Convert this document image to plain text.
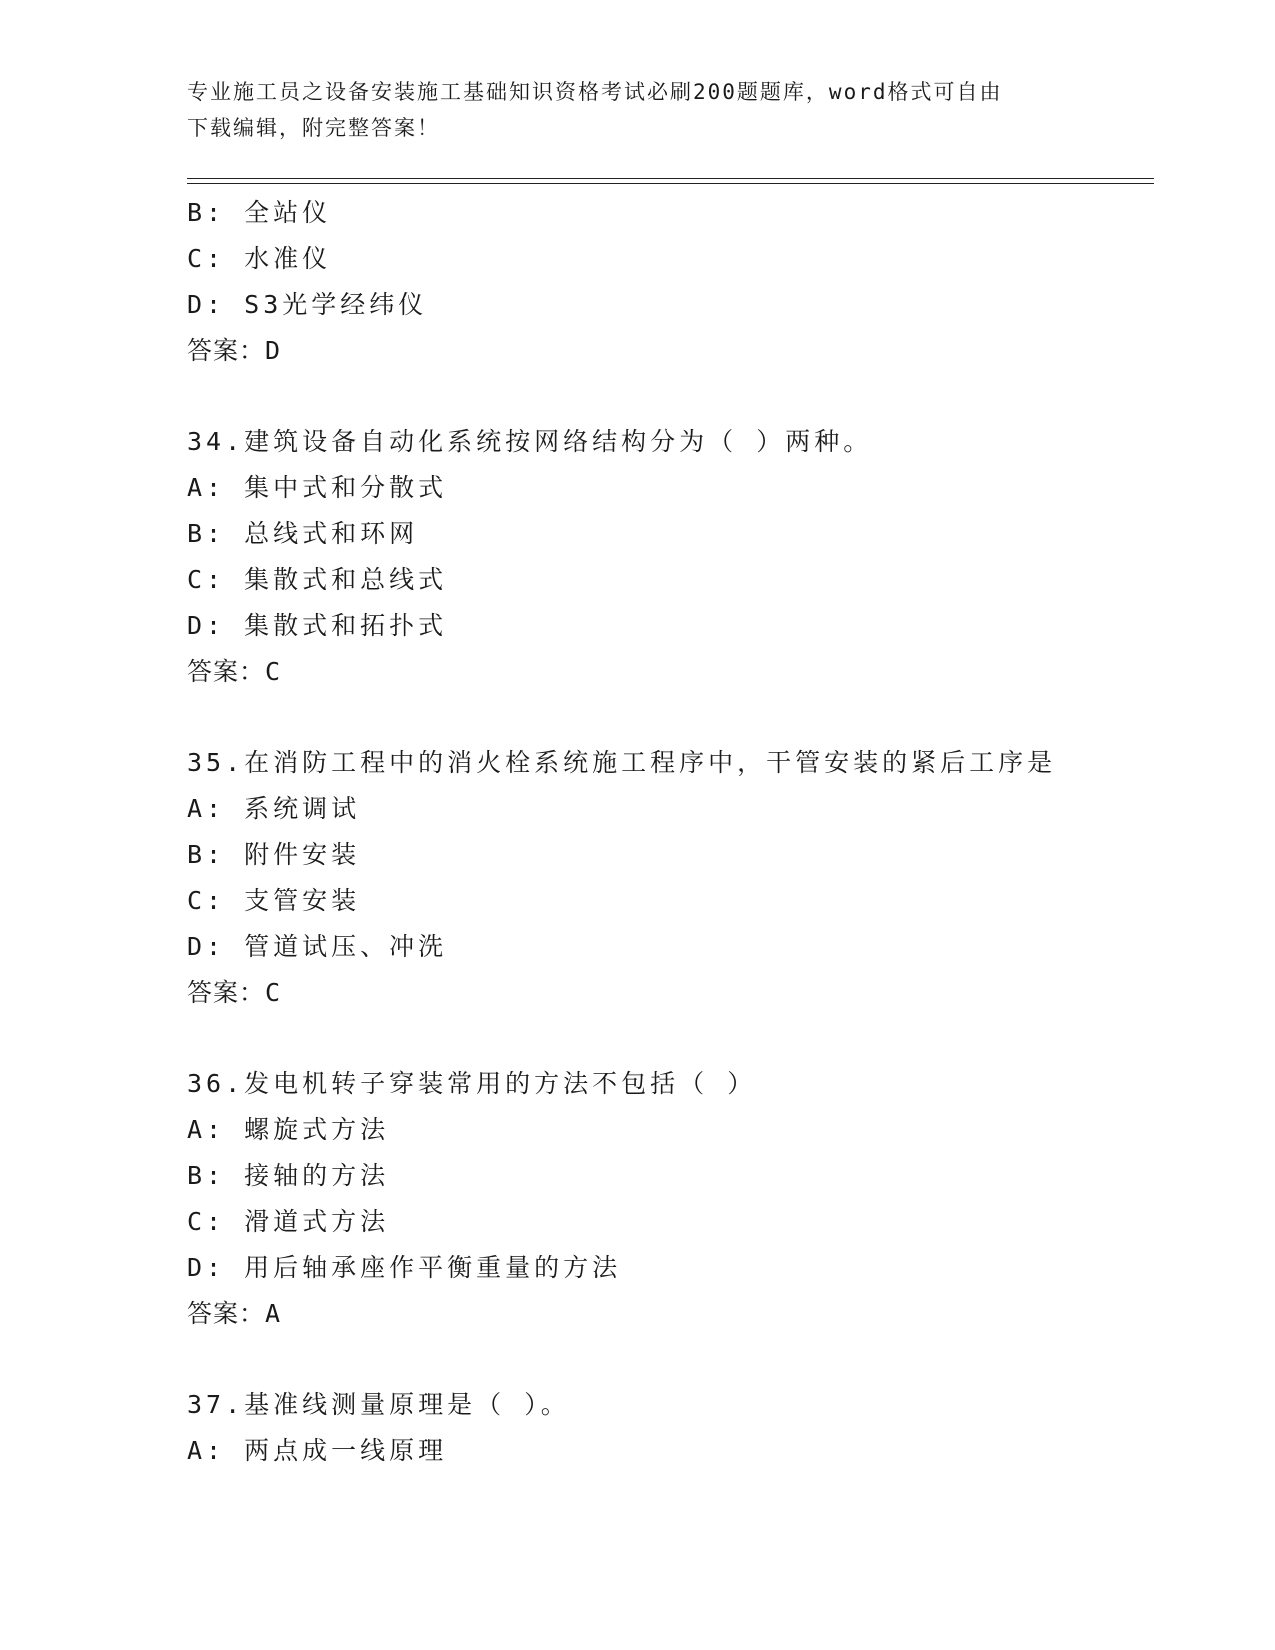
专业施工员之设备安装施工基础知识资格考试必刷200题题库，word格式可自由
下载编辑，附完整答案！
B: 全站仪
C: 水准仪
D: S3光学经纬仪
答案：D
34.建筑设备自动化系统按网络结构分为（ ）两种。
A: 集中式和分散式
B: 总线式和环网
C: 集散式和总线式
D: 集散式和拓扑式
答案：C
35.在消防工程中的消火栓系统施工程序中，干管安装的紧后工序是
A: 系统调试
B: 附件安装
C: 支管安装
D: 管道试压、冲洗
答案：C
36.发电机转子穿装常用的方法不包括（ ）
A: 螺旋式方法
B: 接轴的方法
C: 滑道式方法
D: 用后轴承座作平衡重量的方法
答案：A
37.基准线测量原理是（ ）。
A: 两点成一线原理
